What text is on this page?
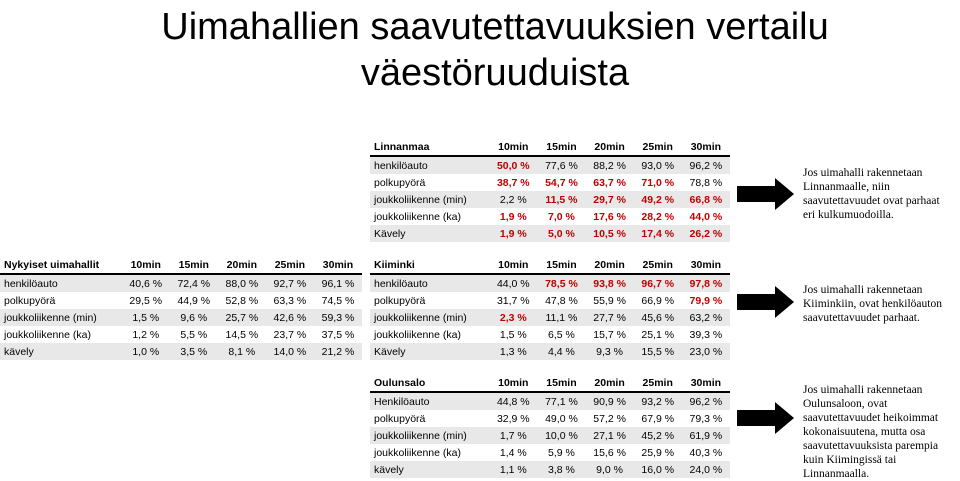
Uimahallien saavutettavuuksien vertailu
väestöruuduista
Linnanmaa	10min	15min	20min	25min	30min
henkilöauto	50,0 %	77,6 %	88,2 %	93,0 %	96,2 %
polkupyörä	38,7 %	54,7 %	63,7 %	71,0 %	78,8 %
joukkoliikenne (min)	2,2 %	11,5 %	29,7 %	49,2 %	66,8 %
joukkoliikenne (ka)	1,9 %	7,0 %	17,6 %	28,2 %	44,0 %
Kävely	1,9 %	5,0 %	10,5 %	17,4 %	26,2 %
Nykyiset uimahallit	10min	15min	20min	25min	30min
henkilöauto	40,6 %	72,4 %	88,0 %	92,7 %	96,1 %
polkupyörä	29,5 %	44,9 %	52,8 %	63,3 %	74,5 %
joukkoliikenne (min)	1,5 %	9,6 %	25,7 %	42,6 %	59,3 %
joukkoliikenne (ka)	1,2 %	5,5 %	14,5 %	23,7 %	37,5 %
kävely	1,0 %	3,5 %	8,1 %	14,0 %	21,2 %
Kiiminki	10min	15min	20min	25min	30min
henkilöauto	44,0 %	78,5 %	93,8 %	96,7 %	97,8 %
polkupyörä	31,7 %	47,8 %	55,9 %	66,9 %	79,9 %
joukkoliikenne (min)	2,3 %	11,1 %	27,7 %	45,6 %	63,2 %
joukkoliikenne (ka)	1,5 %	6,5 %	15,7 %	25,1 %	39,3 %
Kävely	1,3 %	4,4 %	9,3 %	15,5 %	23,0 %
Oulunsalo	10min	15min	20min	25min	30min
Henkilöauto	44,8 %	77,1 %	90,9 %	93,2 %	96,2 %
polkupyörä	32,9 %	49,0 %	57,2 %	67,9 %	79,3 %
joukkoliikenne (min)	1,7 %	10,0 %	27,1 %	45,2 %	61,9 %
joukkoliikenne (ka)	1,4 %	5,9 %	15,6 %	25,9 %	40,3 %
kävely	1,1 %	3,8 %	9,0 %	16,0 %	24,0 %
Jos uimahalli rakennetaan
Linnanmaalle, niin
saavutettavuudet ovat parhaat
eri kulkumuodoilla.
Jos uimahalli rakennetaan
Kiiminkiin, ovat henkilöauton
saavutettavuudet parhaat.
Jos uimahalli rakennetaan
Oulunsaloon, ovat
saavutettavuudet heikoimmat
kokonaisuutena, mutta osa
saavutettavuuksista parempia
kuin Kiimingissä tai
Linnanmaalla.
